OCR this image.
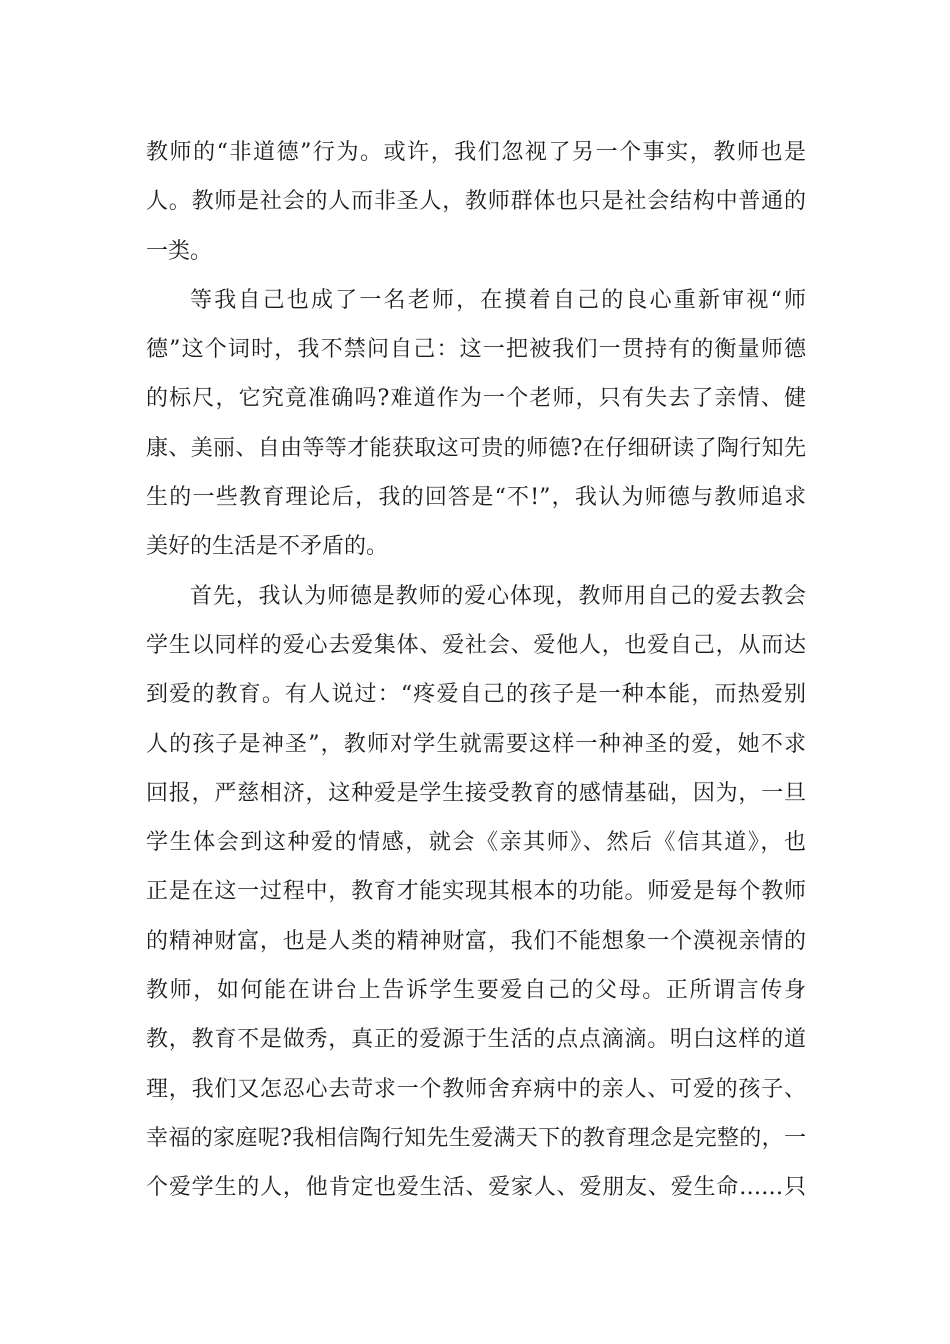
教师的“非道德”行为。或许，我们忽视了另一个事实，教师也是
人。教师是社会的人而非圣人，教师群体也只是社会结构中普通的
一类。
等我自己也成了一名老师，在摸着自己的良心重新审视“师
德”这个词时，我不禁问自己：这一把被我们一贯持有的衡量师德
的标尺，它究竟准确吗?难道作为一个老师，只有失去了亲情、健
康、美丽、自由等等才能获取这可贵的师德?在仔细研读了陶行知先
生的一些教育理论后，我的回答是“不!”，我认为师德与教师追求
美好的生活是不矛盾的。
首先，我认为师德是教师的爱心体现，教师用自己的爱去教会
学生以同样的爱心去爱集体、爱社会、爱他人，也爱自己，从而达
到爱的教育。有人说过：“疼爱自己的孩子是一种本能，而热爱别
人的孩子是神圣”，教师对学生就需要这样一种神圣的爱，她不求
回报，严慈相济，这种爱是学生接受教育的感情基础，因为，一旦
学生体会到这种爱的情感，就会《亲其师》、然后《信其道》，也
正是在这一过程中，教育才能实现其根本的功能。师爱是每个教师
的精神财富，也是人类的精神财富，我们不能想象一个漠视亲情的
教师，如何能在讲台上告诉学生要爱自己的父母。正所谓言传身
教，教育不是做秀，真正的爱源于生活的点点滴滴。明白这样的道
理，我们又怎忍心去苛求一个教师舍弃病中的亲人、可爱的孩子、
幸福的家庭呢?我相信陶行知先生爱满天下的教育理念是完整的，一
个爱学生的人，他肯定也爱生活、爱家人、爱朋友、爱生命……只
